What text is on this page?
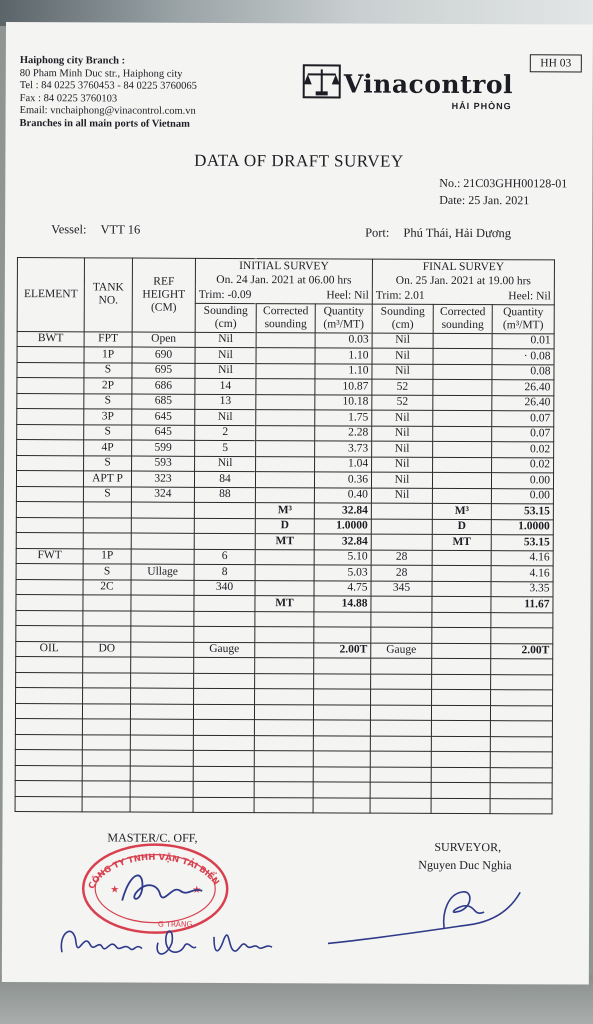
Haiphong city Branch :
80 Pham Minh Duc str., Haiphong city
Tel : 84 0225 3760453 - 84 0225 3760065
Fax : 84 0225 3760103
Email: vnchaiphong@vinacontrol.com.vn
Branches in all main ports of Vietnam
HH 03
Vinacontrol
HẢI PHÒNG
DATA OF DRAFT SURVEY
No.: 21C03GHH00128-01
Date: 25 Jan. 2021
Vessel: VTT 16	Port: Phú Thái, Hải Dương
ELEMENT	TANK NO.	REF HEIGHT (CM)	INITIAL SURVEY			FINAL SURVEY		
			On. 24 Jan. 2021 at 06.00 hrs			On. 25 Jan. 2021 at 19.00 hrs		
			Trim: -0.09 Heel: Nil			Trim: 2.01 Heel: Nil		

			Sounding (cm)	Corrected sounding	Quantity (m³/MT)	Sounding (cm)	Corrected sounding	Quantity (m³/MT)
BWT	FPT	Open	Nil		0.03	Nil		0.01
	1P	690	Nil		1.10	Nil		· 0.08
	S	695	Nil		1.10	Nil		0.08
	2P	686	14		10.87	52		26.40
	S	685	13		10.18	52		26.40
	3P	645	Nil		1.75	Nil		0.07
	S	645	2		2.28	Nil		0.07
	4P	599	5		3.73	Nil		0.02
	S	593	Nil		1.04	Nil		0.02
	APT P	323	84		0.36	Nil		0.00
	S	324	88		0.40	Nil		0.00
				M³	32.84		M³	53.15
				D	1.0000		D	1.0000
				MT	32.84		MT	53.15
FWT	1P		6		5.10	28		4.16
	S	Ullage	8		5.03	28		4.16
	2C		340		4.75	345		3.35
				MT	14.88			11.67

OIL	DO		Gauge		2.00T	Gauge		2.00T

MASTER/C. OFF,
SURVEYOR,
Nguyen Duc Nghia
CÔNG TY TNHH VẬN TẢI BIỂN
G TRANG
★	★
